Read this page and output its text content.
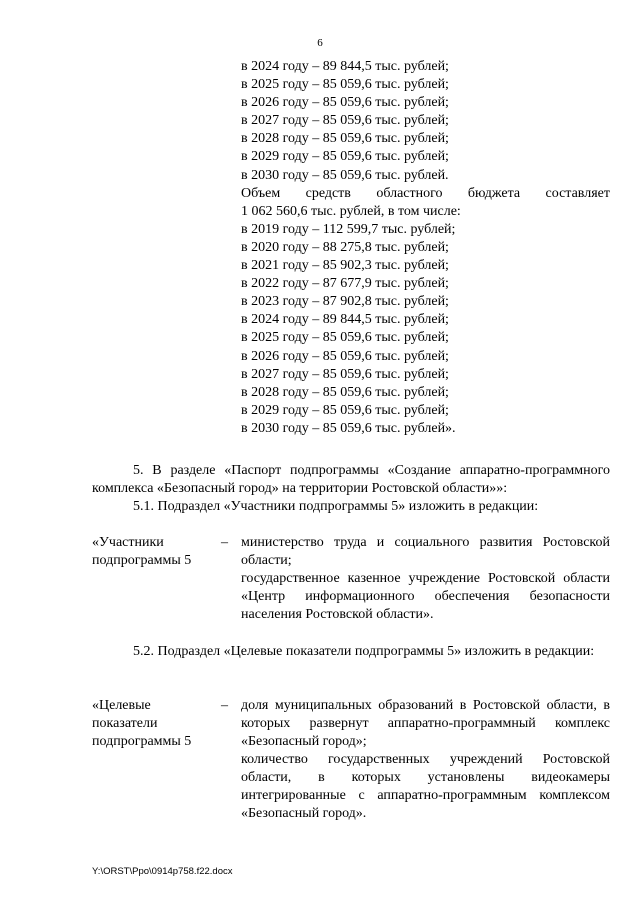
6
в 2024 году – 89 844,5 тыс. рублей;
в 2025 году – 85 059,6 тыс. рублей;
в 2026 году – 85 059,6 тыс. рублей;
в 2027 году – 85 059,6 тыс. рублей;
в 2028 году – 85 059,6 тыс. рублей;
в 2029 году – 85 059,6 тыс. рублей;
в 2030 году – 85 059,6 тыс. рублей.
Объем средств областного бюджета составляет
1 062 560,6 тыс. рублей, в том числе:
в 2019 году – 112 599,7 тыс. рублей;
в 2020 году – 88 275,8 тыс. рублей;
в 2021 году – 85 902,3 тыс. рублей;
в 2022 году – 87 677,9 тыс. рублей;
в 2023 году – 87 902,8 тыс. рублей;
в 2024 году – 89 844,5 тыс. рублей;
в 2025 году – 85 059,6 тыс. рублей;
в 2026 году – 85 059,6 тыс. рублей;
в 2027 году – 85 059,6 тыс. рублей;
в 2028 году – 85 059,6 тыс. рублей;
в 2029 году – 85 059,6 тыс. рублей;
в 2030 году – 85 059,6 тыс. рублей».
5. В разделе «Паспорт подпрограммы «Создание аппаратно-программного комплекса «Безопасный город» на территории Ростовской области»»:
5.1. Подраздел «Участники подпрограммы 5» изложить в редакции:
«Участники
подпрограммы 5
– министерство труда и социального развития Ростовской области;
государственное казенное учреждение Ростовской области «Центр информационного обеспечения безопасности населения Ростовской области».
5.2. Подраздел «Целевые показатели подпрограммы 5» изложить в редакции:
«Целевые
показатели
подпрограммы 5
– доля муниципальных образований в Ростовской области, в которых развернут аппаратно-программный комплекс «Безопасный город»;
количество государственных учреждений Ростовской области, в которых установлены видеокамеры интегрированные с аппаратно-программным комплексом «Безопасный город».
Y:\ORST\Ppo\0914p758.f22.docx
